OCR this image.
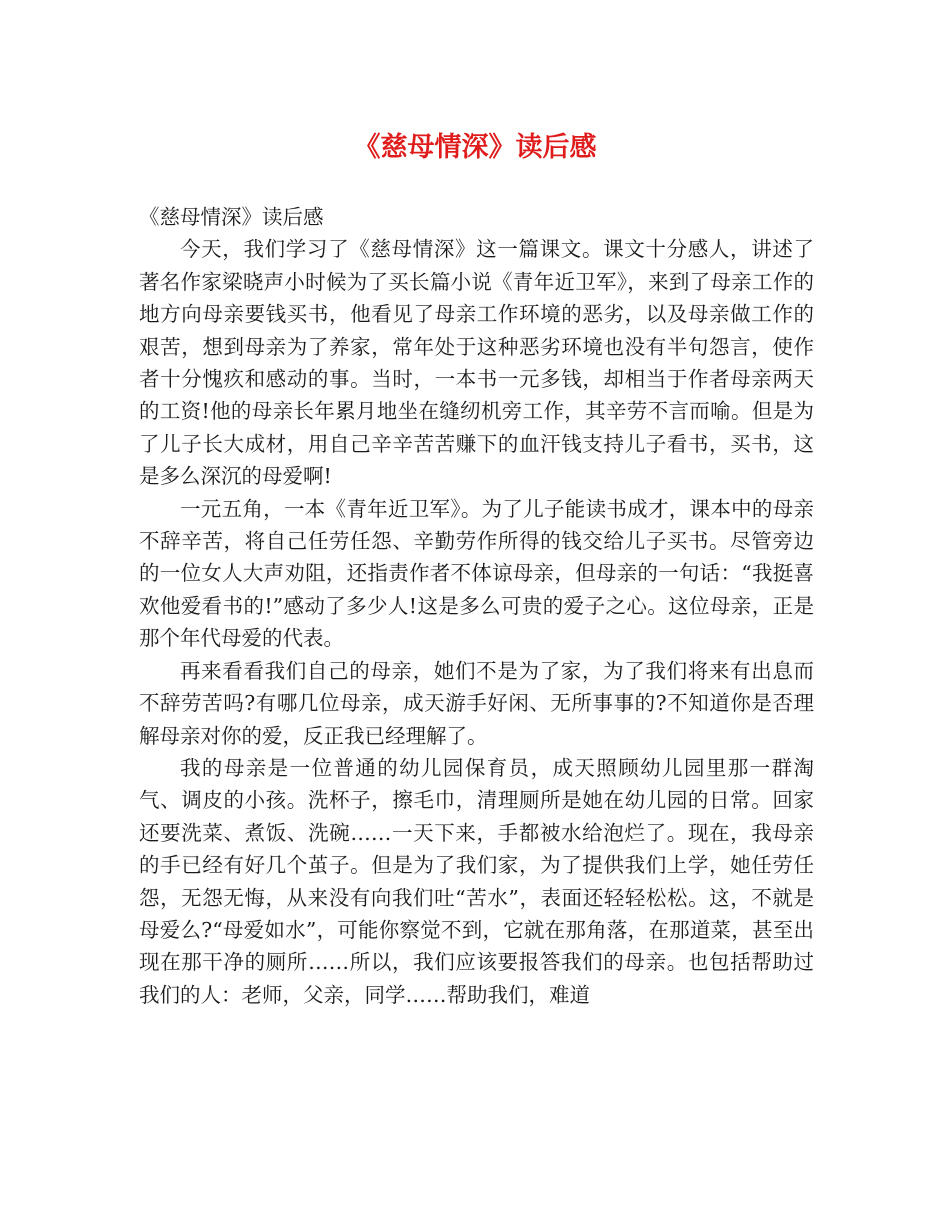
《慈母情深》读后感

《慈母情深》读后感

今天，我们学习了《慈母情深》这一篇课文。课文十分感人，讲述了著名作家梁晓声小时候为了买长篇小说《青年近卫军》，来到了母亲工作的地方向母亲要钱买书，他看见了母亲工作环境的恶劣，以及母亲做工作的艰苦，想到母亲为了养家，常年处于这种恶劣环境也没有半句怨言，使作者十分愧疚和感动的事。当时，一本书一元多钱，却相当于作者母亲两天的工资!他的母亲长年累月地坐在缝纫机旁工作，其辛劳不言而喻。但是为了儿子长大成材，用自己辛辛苦苦赚下的血汗钱支持儿子看书，买书，这是多么深沉的母爱啊!

一元五角，一本《青年近卫军》。为了儿子能读书成才，课本中的母亲不辞辛苦，将自己任劳任怨、辛勤劳作所得的钱交给儿子买书。尽管旁边的一位女人大声劝阻，还指责作者不体谅母亲，但母亲的一句话：“我挺喜欢他爱看书的!”感动了多少人!这是多么可贵的爱子之心。这位母亲，正是那个年代母爱的代表。

再来看看我们自己的母亲，她们不是为了家，为了我们将来有出息而不辞劳苦吗?有哪几位母亲，成天游手好闲、无所事事的?不知道你是否理解母亲对你的爱，反正我已经理解了。

我的母亲是一位普通的幼儿园保育员，成天照顾幼儿园里那一群淘气、调皮的小孩。洗杯子，擦毛巾，清理厕所是她在幼儿园的日常。回家还要洗菜、煮饭、洗碗……一天下来，手都被水给泡烂了。现在，我母亲的手已经有好几个茧子。但是为了我们家，为了提供我们上学，她任劳任怨，无怨无悔，从来没有向我们吐“苦水”，表面还轻轻松松。这，不就是母爱么?“母爱如水”，可能你察觉不到，它就在那角落，在那道菜，甚至出现在那干净的厕所……所以，我们应该要报答我们的母亲。也包括帮助过我们的人：老师，父亲，同学……帮助我们，难道
